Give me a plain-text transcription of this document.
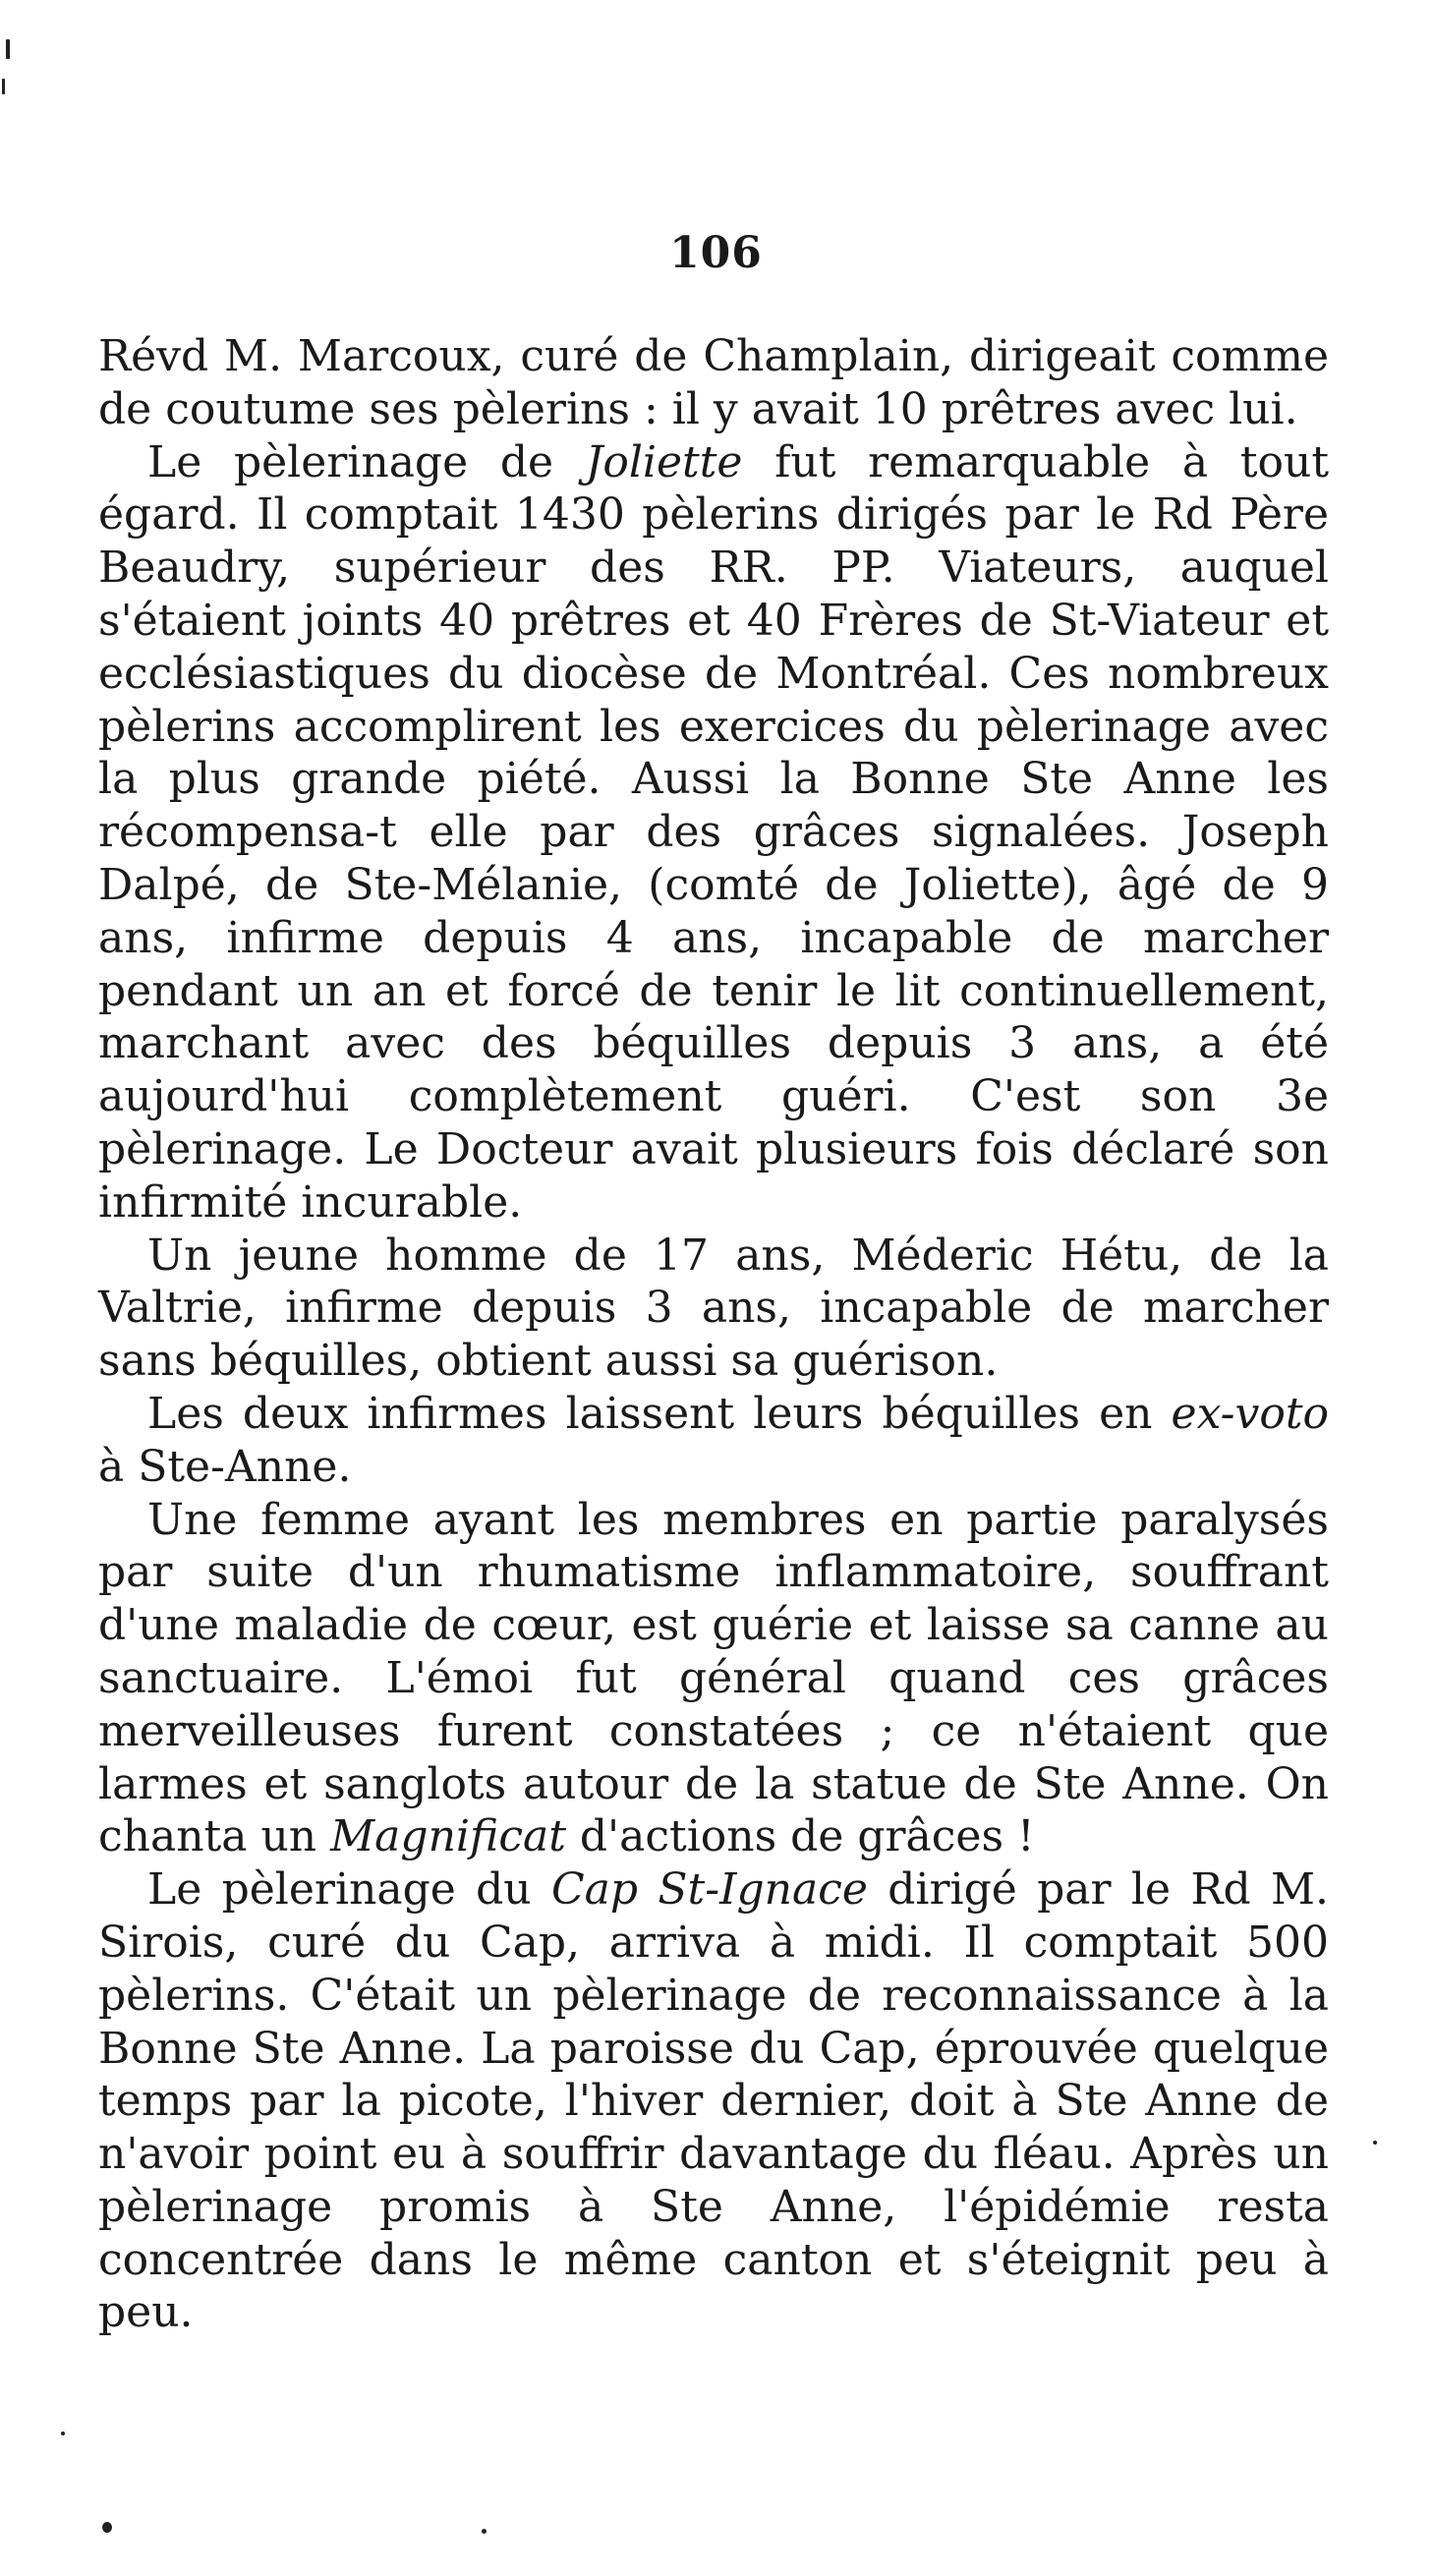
106

Révd M. Marcoux, curé de Champlain, dirigeait comme de coutume ses pèlerins : il y avait 10 prêtres avec lui.

Le pèlerinage de Joliette fut remarquable à tout égard. Il comptait 1430 pèlerins dirigés par le Rd Père Beaudry, supérieur des RR. PP. Viateurs, auquel s'étaient joints 40 prêtres et 40 Frères de St-Viateur et ecclésiastiques du diocèse de Montréal. Ces nombreux pèlerins accomplirent les exercices du pèlerinage avec la plus grande piété. Aussi la Bonne Ste Anne les récompensa-t elle par des grâces signalées. Joseph Dalpé, de Ste-Mélanie, (comté de Joliette), âgé de 9 ans, infirme depuis 4 ans, incapable de marcher pendant un an et forcé de tenir le lit continuellement, marchant avec des béquilles depuis 3 ans, a été aujourd'hui complètement guéri. C'est son 3e pèlerinage. Le Docteur avait plusieurs fois déclaré son infirmité incurable.

Un jeune homme de 17 ans, Méderic Hétu, de la Valtrie, infirme depuis 3 ans, incapable de marcher sans béquilles, obtient aussi sa guérison.

Les deux infirmes laissent leurs béquilles en ex-voto à Ste-Anne.

Une femme ayant les membres en partie paralysés par suite d'un rhumatisme inflammatoire, souffrant d'une maladie de cœur, est guérie et laisse sa canne au sanctuaire. L'émoi fut général quand ces grâces merveilleuses furent constatées ; ce n'étaient que larmes et sanglots autour de la statue de Ste Anne. On chanta un Magnificat d'actions de grâces !

Le pèlerinage du Cap St-Ignace dirigé par le Rd M. Sirois, curé du Cap, arriva à midi. Il comptait 500 pèlerins. C'était un pèlerinage de reconnaissance à la Bonne Ste Anne. La paroisse du Cap, éprouvée quelque temps par la picote, l'hiver dernier, doit à Ste Anne de n'avoir point eu à souffrir davantage du fléau. Après un pèlerinage promis à Ste Anne, l'épidémie resta concentrée dans le même canton et s'éteignit peu à peu.
